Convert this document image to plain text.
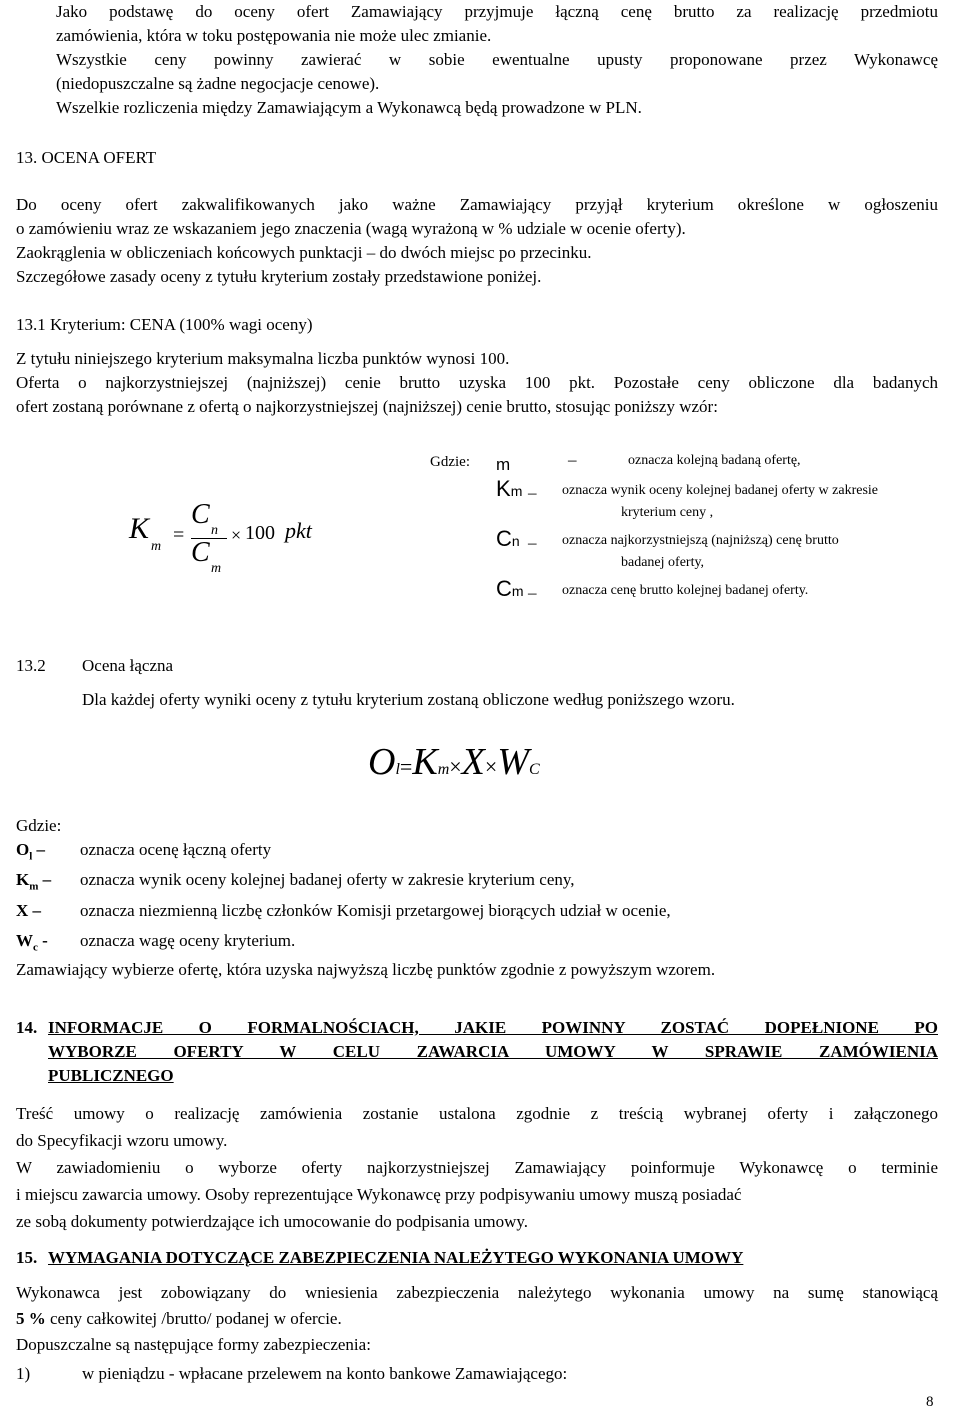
Jako podstawę do oceny ofert Zamawiający przyjmuje łączną cenę brutto za realizację przedmiotu
zamówienia, która w toku postępowania nie może ulec zmianie.
Wszystkie ceny powinny zawierać w sobie ewentualne upusty proponowane przez Wykonawcę
(niedopuszczalne są żadne negocjacje cenowe).
Wszelkie rozliczenia między Zamawiającym a Wykonawcą będą prowadzone w PLN.
13. OCENA OFERT
Do oceny ofert zakwalifikowanych jako ważne Zamawiający przyjął kryterium określone w ogłoszeniu
o zamówieniu wraz ze wskazaniem jego znaczenia (wagą wyrażoną w % udziale w ocenie oferty).
Zaokrąglenia w obliczeniach końcowych punktacji – do dwóch miejsc po przecinku.
Szczegółowe zasady oceny z tytułu kryterium zostały przedstawione poniżej.
13.1 Kryterium: CENA (100% wagi oceny)
Z tytułu niniejszego kryterium maksymalna liczba punktów wynosi 100.
Oferta o najkorzystniejszej (najniższej) cenie brutto uzyska 100 pkt. Pozostałe ceny obliczone dla badanych
ofert zostaną porównane z ofertą o najkorzystniejszej (najniższej) cenie brutto, stosując poniższy wzór:
K
m
=
C
n
C
m
× 100 pkt
Gdzie: m	–	oznacza kolejną badaną ofertę,
Km – oznacza wynik oceny kolejnej badanej oferty w zakresie
kryterium ceny ,
Cn – oznacza najkorzystniejszą (najniższą) cenę brutto
badanej oferty,
Cm – oznacza cenę brutto kolejnej badanej oferty.
13.2 Ocena łączna
Dla każdej oferty wyniki oceny z tytułu kryterium zostaną obliczone według poniższego wzoru.
Ol=Km×X×WC
Gdzie:
$O_l$ – oznacza ocenę łączną oferty
$K_m$ – oznacza wynik oceny kolejnej badanej oferty w zakresie kryterium ceny,
X – oznacza niezmienną liczbę członków Komisji przetargowej biorących udział w ocenie,
$W_c$ - oznacza wagę oceny kryterium.
Zamawiający wybierze ofertę, która uzyska najwyższą liczbę punktów zgodnie z powyższym wzorem.
14. INFORMACJE O FORMALNOŚCIACH, JAKIE POWINNY ZOSTAĆ DOPEŁNIONE PO
WYBORZE OFERTY W CELU ZAWARCIA UMOWY W SPRAWIE ZAMÓWIENIA
PUBLICZNEGO
Treść umowy o realizację zamówienia zostanie ustalona zgodnie z treścią wybranej oferty i załączonego
do Specyfikacji wzoru umowy.
W zawiadomieniu o wyborze oferty najkorzystniejszej Zamawiający poinformuje Wykonawcę o terminie
i miejscu zawarcia umowy. Osoby reprezentujące Wykonawcę przy podpisywaniu umowy muszą posiadać
ze sobą dokumenty potwierdzające ich umocowanie do podpisania umowy.
15. WYMAGANIA DOTYCZĄCE ZABEZPIECZENIA NALEŻYTEGO WYKONANIA UMOWY
Wykonawca jest zobowiązany do wniesienia zabezpieczenia należytego wykonania umowy na sumę stanowiącą
5 % ceny całkowitej /brutto/ podanej w ofercie.
Dopuszczalne są następujące formy zabezpieczenia:
1)	w pieniądzu - wpłacane przelewem na konto bankowe Zamawiającego:
8
